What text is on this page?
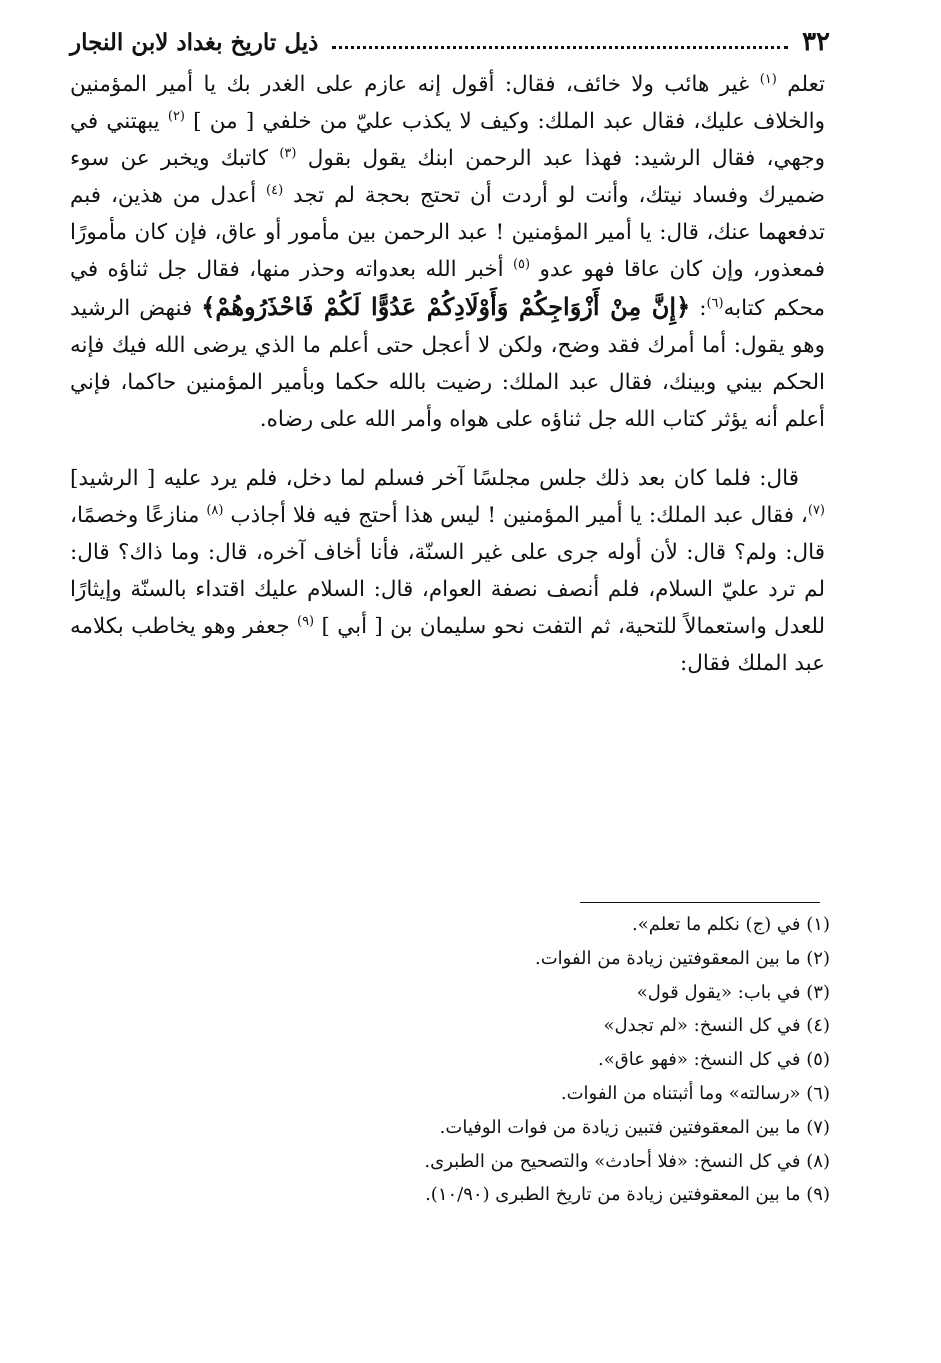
٣٢
ذيل تاريخ بغداد لابن النجار

تعلم $^{(١)}$ غير هائب ولا خائف، فقال: أقول إنه عازم على الغدر بك يا أمير المؤمنين والخلاف عليك، فقال عبد الملك: وكيف لا يكذب عليّ من خلفي [ من ] $^{(٢)}$ يبهتني في وجهي، فقال الرشيد: فهذا عبد الرحمن ابنك يقول بقول $^{(٣)}$ كاتبك ويخبر عن سوء ضميرك وفساد نيتك، وأنت لو أردت أن تحتج بحجة لم تجد $^{(٤)}$ أعدل من هذين، فبم تدفعهما عنك، قال: يا أمير المؤمنين ! عبد الرحمن بين مأمور أو عاق، فإن كان مأمورًا فمعذور، وإن كان عاقا فهو عدو $^{(٥)}$ أخبر الله بعدواته وحذر منها، فقال جل ثناؤه في محكم كتابه$^{(٦)}$: ﴿إِنَّ مِنْ أَزْوَاجِكُمْ وَأَوْلَادِكُمْ عَدُوًّا لَكُمْ فَاحْذَرُوهُمْ﴾ فنهض الرشيد وهو يقول: أما أمرك فقد وضح، ولكن لا أعجل حتى أعلم ما الذي يرضى الله فيك فإنه الحكم بيني وبينك، فقال عبد الملك: رضيت بالله حكما وبأمير المؤمنين حاكما، فإني أعلم أنه يؤثر كتاب الله جل ثناؤه على هواه وأمر الله على رضاه.

قال: فلما كان بعد ذلك جلس مجلسًا آخر فسلم لما دخل، فلم يرد عليه [ الرشيد]$^{(٧)}$، فقال عبد الملك: يا أمير المؤمنين ! ليس هذا أحتج فيه فلا أجاذب $^{(٨)}$ منازعًا وخصمًا، قال: ولم؟ قال: لأن أوله جرى على غير السنّة، فأنا أخاف آخره، قال: وما ذاك؟ قال: لم ترد عليّ السلام، فلم أنصف نصفة العوام، قال: السلام عليك اقتداء بالسنّة وإيثارًا للعدل واستعمالاً للتحية، ثم التفت نحو سليمان بن [ أبي ] $^{(٩)}$ جعفر وهو يخاطب بكلامه عبد الملك فقال:

(١) في (ج) نكلم ما تعلم».
(٢) ما بين المعقوفتين زيادة من الفوات.
(٣) في باب: «يقول قول»
(٤) في كل النسخ: «لم تجدل»
(٥) في كل النسخ: «فهو عاق».
(٦) «رسالته» وما أثبتناه من الفوات.
(٧) ما بين المعقوفتين فتبين زيادة من فوات الوفيات.
(٨) في كل النسخ: «فلا أحادث» والتصحيح من الطبرى.
(٩) ما بين المعقوفتين زيادة من تاريخ الطبرى (١٠/٩٠).
